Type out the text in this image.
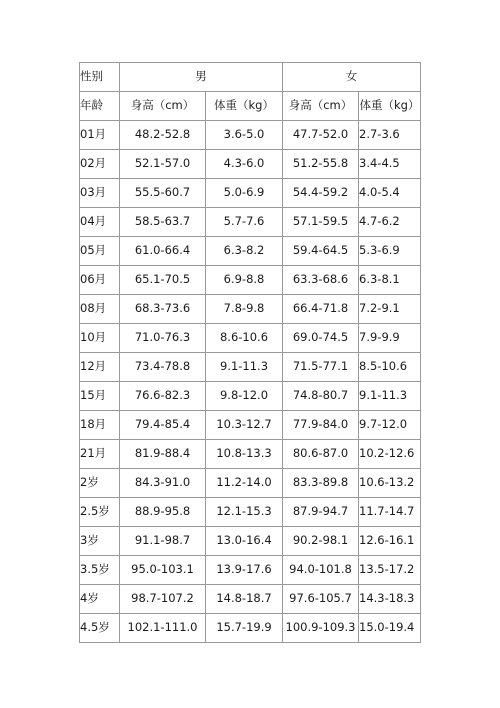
性别	男		女	
年龄	身高（cm）	体重（kg）	身高（cm）	体重（kg）
01月	48.2-52.8	3.6-5.0	47.7-52.0	2.7-3.6
02月	52.1-57.0	4.3-6.0	51.2-55.8	3.4-4.5
03月	55.5-60.7	5.0-6.9	54.4-59.2	4.0-5.4
04月	58.5-63.7	5.7-7.6	57.1-59.5	4.7-6.2
05月	61.0-66.4	6.3-8.2	59.4-64.5	5.3-6.9
06月	65.1-70.5	6.9-8.8	63.3-68.6	6.3-8.1
08月	68.3-73.6	7.8-9.8	66.4-71.8	7.2-9.1
10月	71.0-76.3	8.6-10.6	69.0-74.5	7.9-9.9
12月	73.4-78.8	9.1-11.3	71.5-77.1	8.5-10.6
15月	76.6-82.3	9.8-12.0	74.8-80.7	9.1-11.3
18月	79.4-85.4	10.3-12.7	77.9-84.0	9.7-12.0
21月	81.9-88.4	10.8-13.3	80.6-87.0	10.2-12.6
2岁	84.3-91.0	11.2-14.0	83.3-89.8	10.6-13.2
2.5岁	88.9-95.8	12.1-15.3	87.9-94.7	11.7-14.7
3岁	91.1-98.7	13.0-16.4	90.2-98.1	12.6-16.1
3.5岁	95.0-103.1	13.9-17.6	94.0-101.8	13.5-17.2
4岁	98.7-107.2	14.8-18.7	97.6-105.7	14.3-18.3
4.5岁	102.1-111.0	15.7-19.9	100.9-109.3	15.0-19.4
